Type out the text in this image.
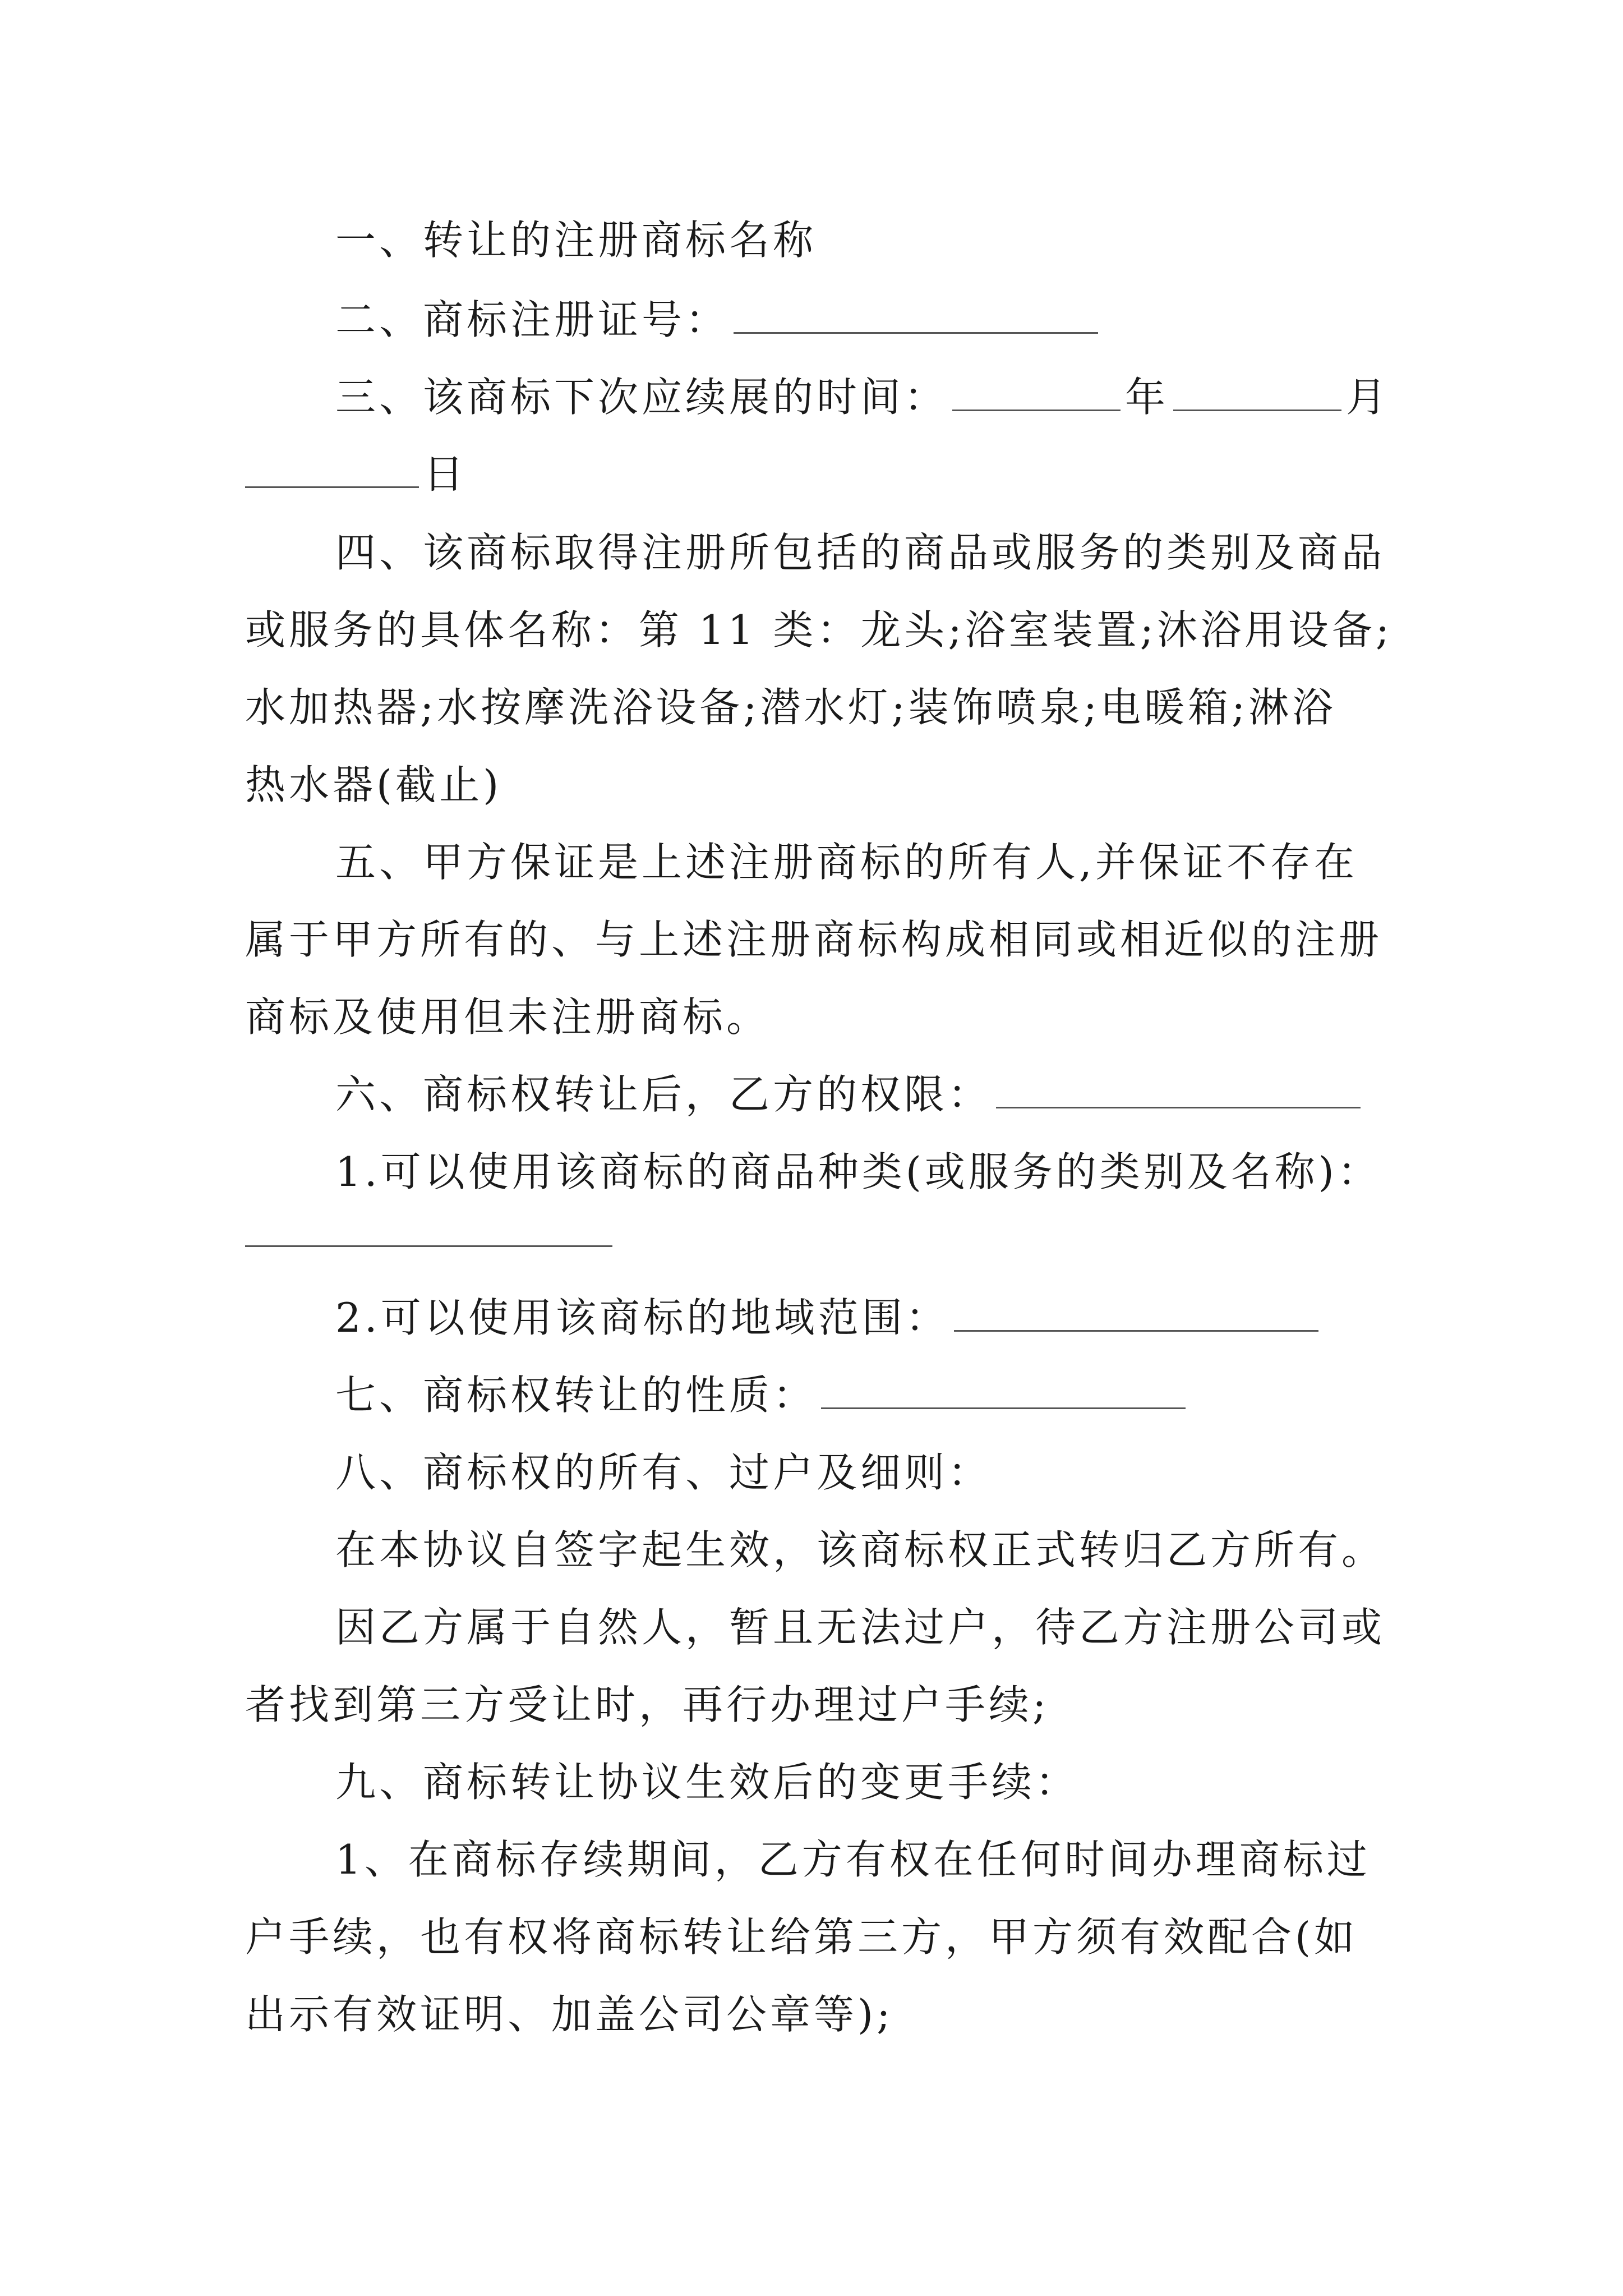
一、转让的注册商标名称
二、商标注册证号：
三、该商标下次应续展的时间：	年	月
日
四、该商标取得注册所包括的商品或服务的类别及商品
或服务的具体名称：第 11 类：龙头;浴室装置;沐浴用设备;
水加热器;水按摩洗浴设备;潜水灯;装饰喷泉;电暖箱;淋浴
热水器(截止)
五、甲方保证是上述注册商标的所有人,并保证不存在
属于甲方所有的、与上述注册商标构成相同或相近似的注册
商标及使用但未注册商标。
六、商标权转让后，乙方的权限：
1.可以使用该商标的商品种类(或服务的类别及名称)：
2.可以使用该商标的地域范围：
七、商标权转让的性质：
八、商标权的所有、过户及细则：
在本协议自签字起生效，该商标权正式转归乙方所有。
因乙方属于自然人，暂且无法过户，待乙方注册公司或
者找到第三方受让时，再行办理过户手续;
九、商标转让协议生效后的变更手续：
1、在商标存续期间，乙方有权在任何时间办理商标过
户手续，也有权将商标转让给第三方，甲方须有效配合(如
出示有效证明、加盖公司公章等);
